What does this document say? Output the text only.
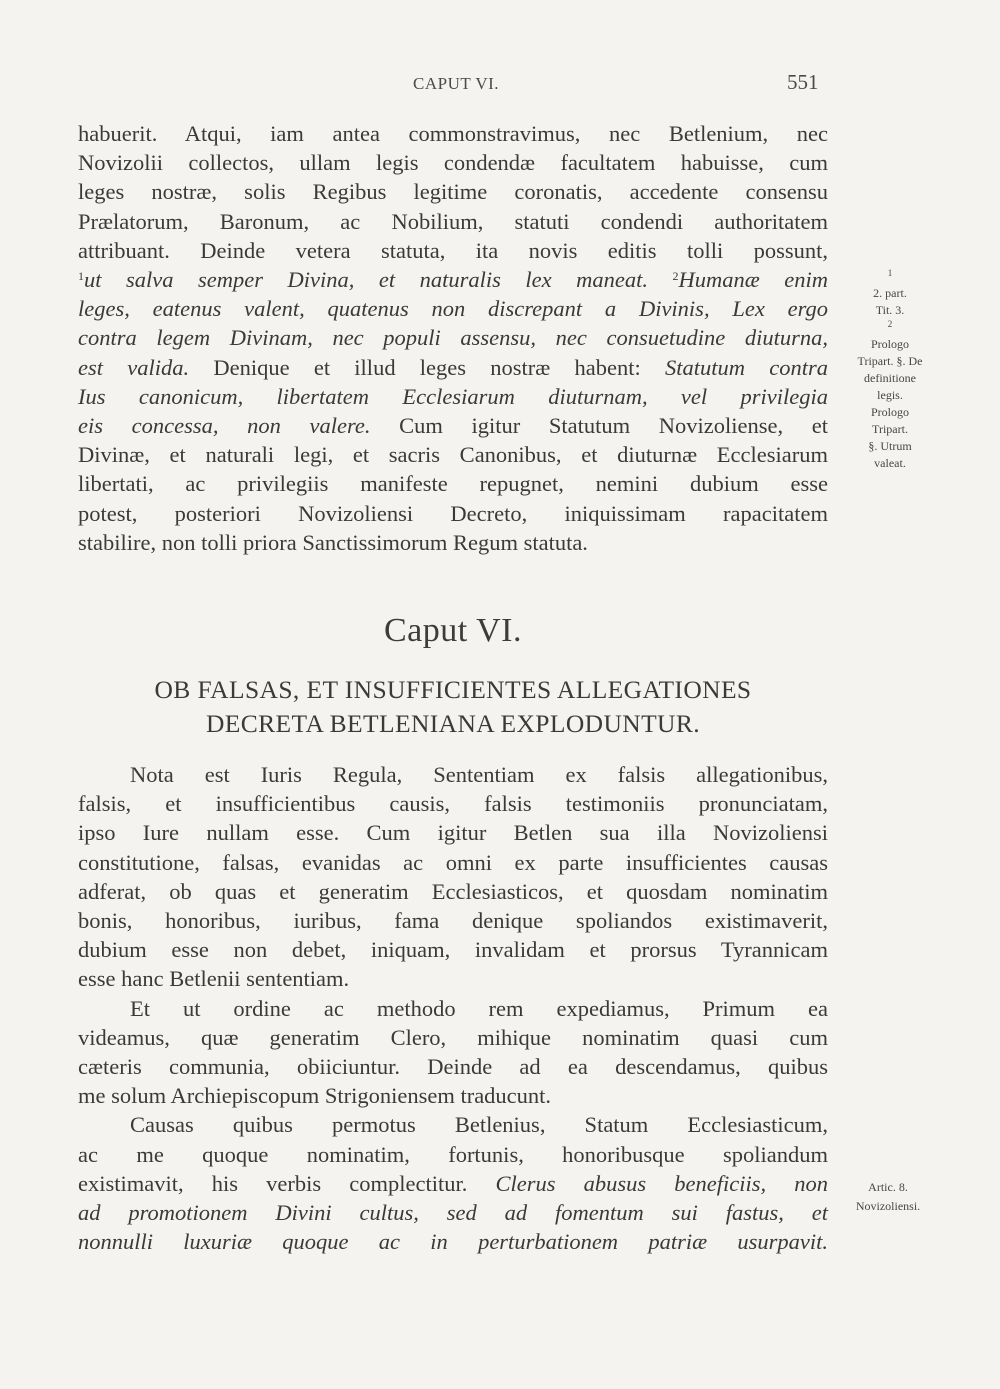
CAPUT VI.	551
habuerit. Atqui, iam antea commonstravimus, nec Betlenium, nec
Novizolii collectos, ullam legis condendæ facultatem habuisse, cum
leges nostræ, solis Regibus legitime coronatis, accedente consensu
Prælatorum, Baronum, ac Nobilium, statuti condendi authoritatem
attribuant. Deinde vetera statuta, ita novis editis tolli possunt,
$^1$ut salva semper Divina, et naturalis lex maneat. $^2$Humanæ enim
leges, eatenus valent, quatenus non discrepant a Divinis, Lex ergo
contra legem Divinam, nec populi assensu, nec consuetudine diuturna,
est valida. Denique et illud leges nostræ habent: Statutum contra
Ius canonicum, libertatem Ecclesiarum diuturnam, vel privilegia
eis concessa, non valere. Cum igitur Statutum Novizoliense, et
Divinæ, et naturali legi, et sacris Canonibus, et diuturnæ Ecclesiarum
libertati, ac privilegiis manifeste repugnet, nemini dubium esse
potest, posteriori Novizoliensi Decreto, iniquissimam rapacitatem
stabilire, non tolli priora Sanctissimorum Regum statuta.
Caput VI.
OB FALSAS, ET INSUFFICIENTES ALLEGATIONES
DECRETA BETLENIANA EXPLODUNTUR.
Nota est Iuris Regula, Sententiam ex falsis allegationibus,
falsis, et insufficientibus causis, falsis testimoniis pronunciatam,
ipso Iure nullam esse. Cum igitur Betlen sua illa Novizoliensi
constitutione, falsas, evanidas ac omni ex parte insufficientes causas
adferat, ob quas et generatim Ecclesiasticos, et quosdam nominatim
bonis, honoribus, iuribus, fama denique spoliandos existimaverit,
dubium esse non debet, iniquam, invalidam et prorsus Tyrannicam
esse hanc Betlenii sententiam.
Et ut ordine ac methodo rem expediamus, Primum ea
videamus, quæ generatim Clero, mihique nominatim quasi cum
cæteris communia, obiiciuntur. Deinde ad ea descendamus, quibus
me solum Archiepiscopum Strigoniensem traducunt.
Causas quibus permotus Betlenius, Statum Ecclesiasticum,
ac me quoque nominatim, fortunis, honoribusque spoliandum
existimavit, his verbis complectitur. Clerus abusus beneficiis, non
ad promotionem Divini cultus, sed ad fomentum sui fastus, et
nonnulli luxuriæ quoque ac in perturbationem patriæ usurpavit.
$^1$
2. part.
Tit. 3.
$^2$
Prologo
Tripart. §. De
definitione
legis.
Prologo
Tripart.
§. Utrum
valeat.
Artic. 8.
Novizoliensi.
